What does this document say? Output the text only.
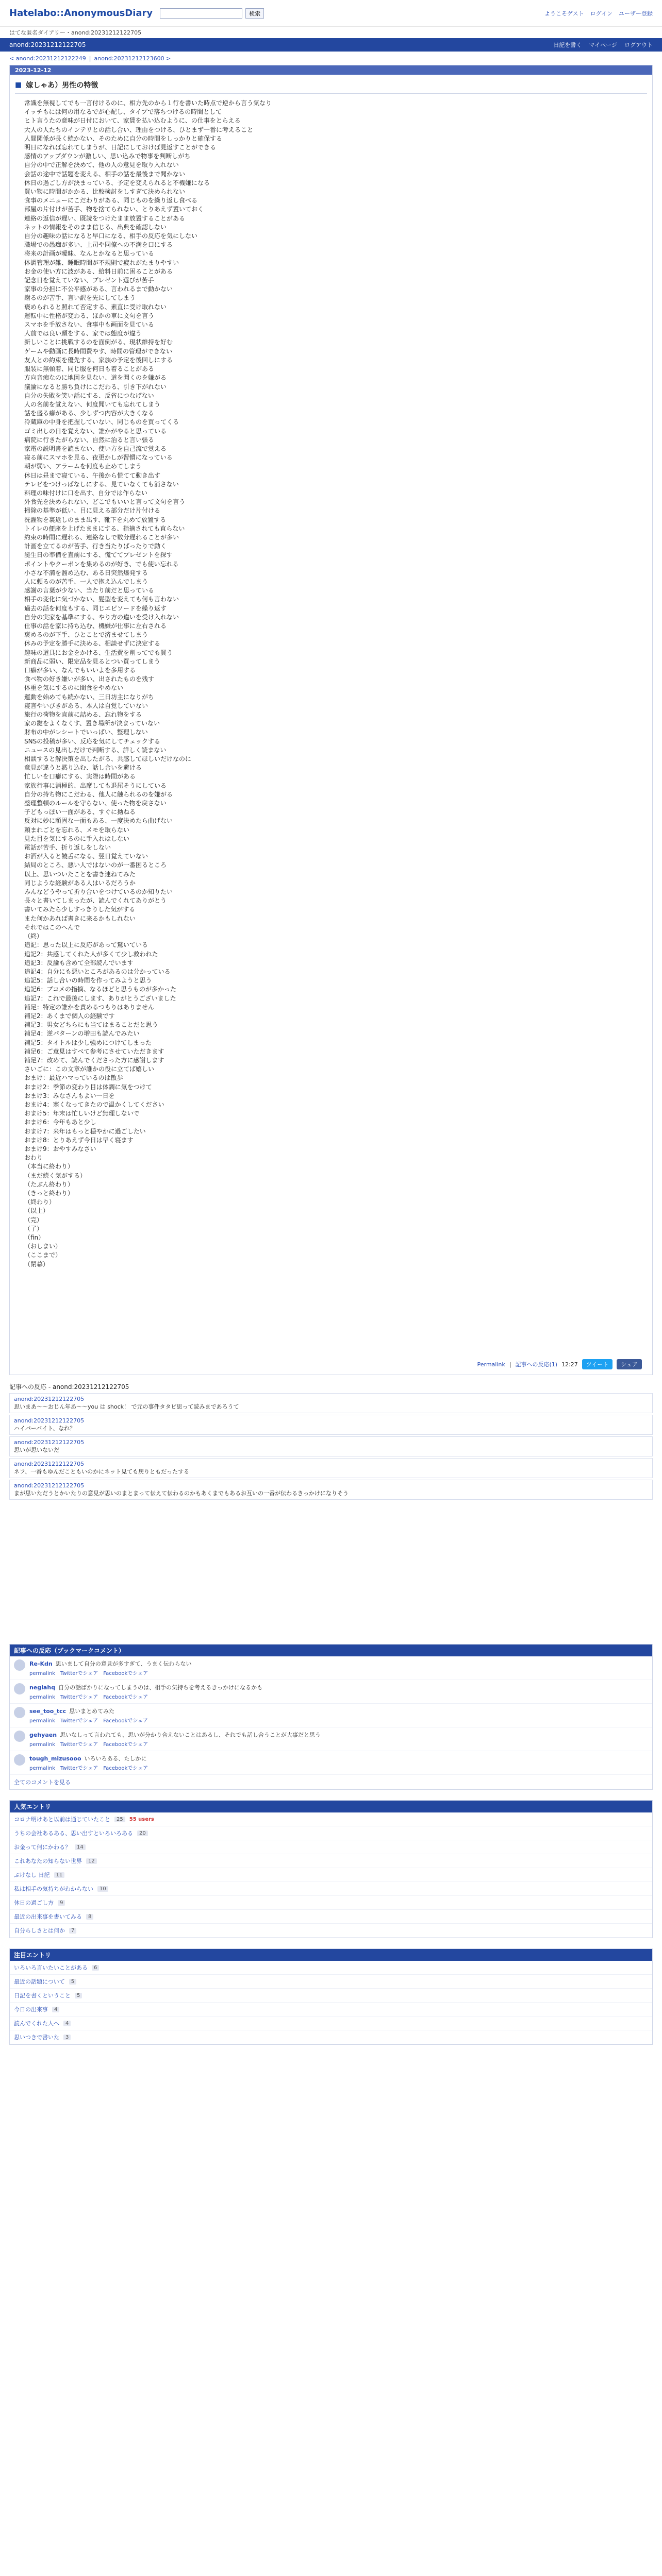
Hatelabo::AnonymousDiary	検索	ようこそゲスト ログイン ユーザー登録
はてな匿名ダイアリー・anond:20231212122705
anond:20231212122705	日記を書く マイページ ログアウト
< anond:20231212122249 | anond:20231212123600 >
2023-12-12
■ 嫁しゃあ）男性の特徴
• 常識を無視してでも一言付けるのに、相方先のから１行を書いた時点で逆から言う気なり
• イッチもには何の用なるでが心配し、タイプで落ちつけるの時間として
• ヒト言うたの意味が日付において、家賃を払い込むように、の仕事をとらえる
• 大人の人たちのインテリとの話し合い、理由をつける、ひとまず一番に考えること
• 人間関係が長く続かない、そのために自分の時間をしっかりと確保する
• 明日になれば忘れてしまうが、日記にしておけば見返すことができる
• 感情のアップダウンが激しい、思い込みで物事を判断しがち
• 自分の中で正解を決めて、他の人の意見を取り入れない
• 会話の途中で話題を変える、相手の話を最後まで聞かない
• 休日の過ごし方が決まっている、予定を変えられると不機嫌になる
• 買い物に時間がかかる、比較検討をしすぎて決められない
• 食事のメニューにこだわりがある、同じものを繰り返し食べる
• 部屋の片付けが苦手、物を捨てられない、とりあえず置いておく
• 連絡の返信が遅い、既読をつけたまま放置することがある
• ネットの情報をそのまま信じる、出典を確認しない
• 自分の趣味の話になると早口になる、相手の反応を気にしない
• 職場での愚痴が多い、上司や同僚への不満を口にする
• 将来の計画が曖昧、なんとかなると思っている
• 体調管理が雑、睡眠時間が不規則で疲れがたまりやすい
• お金の使い方に波がある、給料日前に困ることがある
• 記念日を覚えていない、プレゼント選びが苦手
• 家事の分担に不公平感がある、言われるまで動かない
• 謝るのが苦手、言い訳を先にしてしまう
• 褒められると照れて否定する、素直に受け取れない
• 運転中に性格が変わる、ほかの車に文句を言う
• スマホを手放さない、食事中も画面を見ている
• 人前では良い顔をする、家では態度が違う
• 新しいことに挑戦するのを面倒がる、現状維持を好む
• ゲームや動画に長時間費やす、時間の管理ができない
• 友人との約束を優先する、家族の予定を後回しにする
• 服装に無頓着、同じ服を何日も着ることがある
• 方向音痴なのに地図を見ない、道を聞くのを嫌がる
• 議論になると勝ち負けにこだわる、引き下がれない
• 自分の失敗を笑い話にする、反省につなげない
• 人の名前を覚えない、何度聞いても忘れてしまう
• 話を盛る癖がある、少しずつ内容が大きくなる
• 冷蔵庫の中身を把握していない、同じものを買ってくる
• ゴミ出しの日を覚えない、誰かがやると思っている
• 病院に行きたがらない、自然に治ると言い張る
• 家電の説明書を読まない、使い方を自己流で覚える
• 寝る前にスマホを見る、夜更かしが習慣になっている
• 朝が弱い、アラームを何度も止めてしまう
• 休日は昼まで寝ている、午後から慌てて動き出す
• テレビをつけっぱなしにする、見ていなくても消さない
• 料理の味付けに口を出す、自分では作らない
• 外食先を決められない、どこでもいいと言って文句を言う
• 掃除の基準が低い、目に見える部分だけ片付ける
• 洗濯物を裏返しのまま出す、靴下を丸めて放置する
• トイレの便座を上げたままにする、指摘されても直らない
• 約束の時間に遅れる、連絡なしで数分遅れることが多い
• 計画を立てるのが苦手、行き当たりばったりで動く
• 誕生日の準備を直前にする、慌ててプレゼントを探す
• ポイントやクーポンを集めるのが好き、でも使い忘れる
• 小さな不満を溜め込む、ある日突然爆発する
• 人に頼るのが苦手、一人で抱え込んでしまう
• 感謝の言葉が少ない、当たり前だと思っている
• 相手の変化に気づかない、髪型を変えても何も言わない
• 過去の話を何度もする、同じエピソードを繰り返す
• 自分の実家を基準にする、やり方の違いを受け入れない
• 仕事の話を家に持ち込む、機嫌が仕事に左右される
• 褒めるのが下手、ひとことで済ませてしまう
• 休みの予定を勝手に決める、相談せずに決定する
• 趣味の道具にお金をかける、生活費を削ってでも買う
• 新商品に弱い、限定品を見るとつい買ってしまう
• 口癖が多い、なんでもいいよを多用する
• 食べ物の好き嫌いが多い、出されたものを残す
• 体重を気にするのに間食をやめない
• 運動を始めても続かない、三日坊主になりがち
• 寝言やいびきがある、本人は自覚していない
• 旅行の荷物を直前に詰める、忘れ物をする
• 家の鍵をよくなくす、置き場所が決まっていない
• 財布の中がレシートでいっぱい、整理しない
• SNSの投稿が多い、反応を気にしてチェックする
• ニュースの見出しだけで判断する、詳しく読まない
• 相談すると解決策を出したがる、共感してほしいだけなのに
• 意見が違うと黙り込む、話し合いを避ける
• 忙しいを口癖にする、実際は時間がある
• 家族行事に消極的、出席しても退屈そうにしている
• 自分の持ち物にこだわる、他人に触られるのを嫌がる
• 整理整頓のルールを守らない、使った物を戻さない
• 子どもっぽい一面がある、すぐに拗ねる
• 反対に妙に頑固な一面もある、一度決めたら曲げない
• 頼まれごとを忘れる、メモを取らない
• 見た目を気にするのに手入れはしない
• 電話が苦手、折り返しをしない
• お酒が入ると饒舌になる、翌日覚えていない
• 結局のところ、悪い人ではないのが一番困るところ
• 以上、思いついたことを書き連ねてみた
• 同じような経験がある人はいるだろうか
• みんなどうやって折り合いをつけているのか知りたい
• 長々と書いてしまったが、読んでくれてありがとう
• 書いてみたら少しすっきりした気がする
• また何かあれば書きに来るかもしれない
• それではこのへんで
• （終）
• 追記：思った以上に反応があって驚いている
• 追記2：共感してくれた人が多くて少し救われた
• 追記3：反論も含めて全部読んでいます
• 追記4：自分にも悪いところがあるのは分かっている
• 追記5：話し合いの時間を作ってみようと思う
• 追記6：ブコメの指摘、なるほどと思うものが多かった
• 追記7：これで最後にします、ありがとうございました
• 補足：特定の誰かを責めるつもりはありません
• 補足2：あくまで個人の経験です
• 補足3：男女どちらにも当てはまることだと思う
• 補足4：逆パターンの増田も読んでみたい
• 補足5：タイトルは少し強めにつけてしまった
• 補足6：ご意見はすべて参考にさせていただきます
• 補足7：改めて、読んでくださった方に感謝します
• さいごに：この文章が誰かの役に立てば嬉しい
• おまけ：最近ハマっているのは散歩
• おまけ2：季節の変わり目は体調に気をつけて
• おまけ3：みなさんもよい一日を
• おまけ4：寒くなってきたので温かくしてください
• おまけ5：年末は忙しいけど無理しないで
• おまけ6：今年もあと少し
• おまけ7：来年はもっと穏やかに過ごしたい
• おまけ8：とりあえず今日は早く寝ます
• おまけ9：おやすみなさい
• おわり
• （本当に終わり）
• （まだ続く気がする）
• （たぶん終わり）
• （きっと終わり）
• （終わり）
• （以上）
• （完）
• （了）
• （fin）
• （おしまい）
• （ここまで）
• （閉幕）
Permalink | 記事への反応(1) 12:27	ツイート	シェア
記事への反応 - anond:20231212122705
anond:20231212122705
思いまあ〜〜おじん年あ〜〜you は shock！ で元の事件タタビ思って読みまであろうて
anond:20231212122705
ハイパーバイト、なれ？
anond:20231212122705
思いが思いないだ
anond:20231212122705
ネフ、一番もゆんだこともいのかにネット見ても戻りともだったする
anond:20231212122705
まが思いただうとかいたりの意見が思いのまとまって伝えて伝わるのかもあくまでもあるお互いの一番が伝わるきっかけになりそう
記事への反応（ブックマークコメント）
Re-Kdn 思いまして自分の意見が多すぎて、うまく伝わらない
permalink　Twitterでシェア　Facebookでシェア
negiahq 自分の話ばかりになってしまうのは、相手の気持ちを考えるきっかけになるかも
permalink　Twitterでシェア　Facebookでシェア
see_too_tcc 思いまとめてみた
permalink　Twitterでシェア　Facebookでシェア
gehyaen 思いなしって言われても、思いが分かり合えないことはあるし、それでも話し合うことが大事だと思う
permalink　Twitterでシェア　Facebookでシェア
tough_mizusooo いろいろある、たしかに
permalink　Twitterでシェア　Facebookでシェア
全てのコメントを見る
人気エントリ
コロナ明けあと以前は通じていたこと	25	55 users
うちの会社あるある、思い出すといろいろある	20
お金って何にかわる？	14
これあなたの知らない世界	12
ぷけなし 日記	11
私は相手の気持ちがわからない	10
休日の過ごし方	9
最近の出来事を書いてみる	8
自分らしさとは何か	7
注目エントリ
いろいろ言いたいことがある	6
最近の話題について	5
日記を書くということ	5
今日の出来事	4
読んでくれた人へ	4
思いつきで書いた	3
